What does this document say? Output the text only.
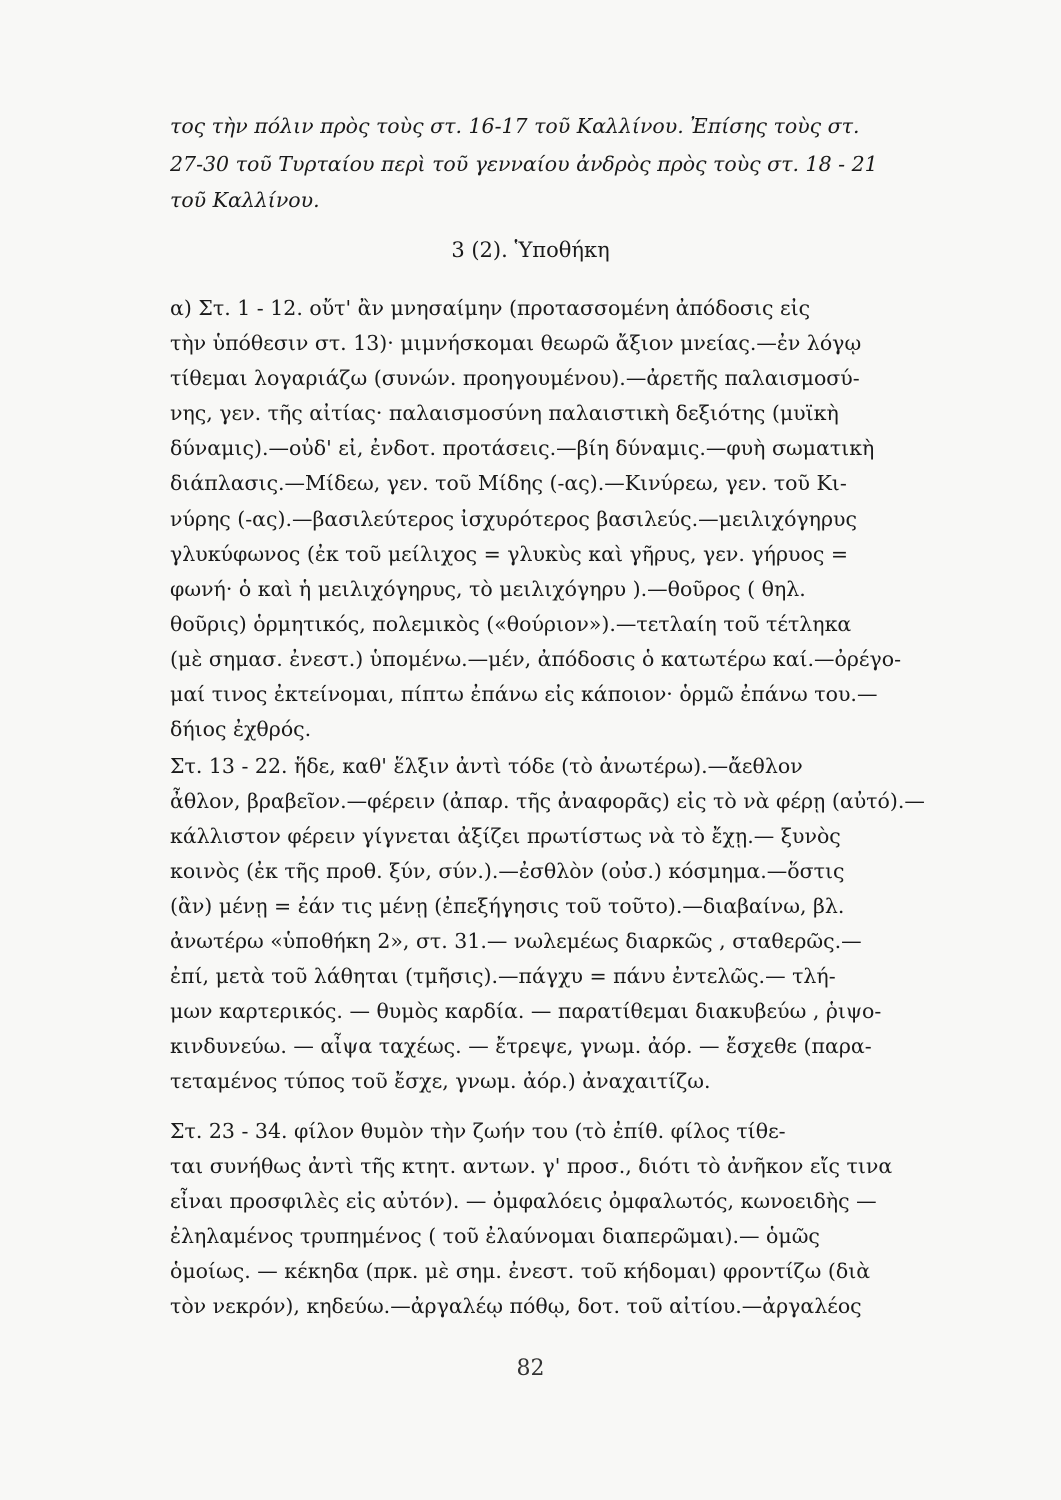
τος τὴν πόλιν πρὸς τοὺς στ. 16-17 τοῦ Καλλίνου. Ἐπίσης τοὺς στ.
27-30 τοῦ Τυρταίου περὶ τοῦ γενναίου ἀνδρὸς πρὸς τοὺς στ. 18 - 21
τοῦ Καλλίνου.
3 (2). Ὑποθήκη
α) Στ. 1 - 12. οὔτ' ἂν μνησαίμην (προτασσομένη ἀπόδοσις εἰς
τὴν ὑπόθεσιν στ. 13)· μιμνήσκομαι θεωρῶ ἄξιον μνείας.—ἐν λόγῳ
τίθεμαι λογαριάζω (συνών. προηγουμένου).—ἀρετῆς παλαισμοσύ-
νης, γεν. τῆς αἰτίας· παλαισμοσύνη παλαιστικὴ δεξιότης (μυϊκὴ
δύναμις).—οὐδ' εἰ, ἐνδοτ. προτάσεις.—βίη δύναμις.—φυὴ σωματικὴ
διάπλασις.—Μίδεω, γεν. τοῦ Μίδης (-ας).—Κινύρεω, γεν. τοῦ Κι-
νύρης (-ας).—βασιλεύτερος ἰσχυρότερος βασιλεύς.—μειλιχόγηρυς
γλυκύφωνος (ἐκ τοῦ μείλιχος = γλυκὺς καὶ γῆρυς, γεν. γήρυος =
φωνή· ὁ καὶ ἡ μειλιχόγηρυς, τὸ μειλιχόγηρυ ).—θοῦρος ( θηλ.
θοῦρις) ὁρμητικός, πολεμικὸς («θούριον»).—τετλαίη τοῦ τέτληκα
(μὲ σημασ. ἐνεστ.) ὑπομένω.—μέν, ἀπόδοσις ὁ κατωτέρω καί.—ὀρέγο-
μαί τινος ἐκτείνομαι, πίπτω ἐπάνω εἰς κάποιον· ὁρμῶ ἐπάνω του.—
δήιος ἐχθρός.
Στ. 13 - 22. ἥδε, καθ' ἕλξιν ἀντὶ τόδε (τὸ ἀνωτέρω).—ἄεθλον
ἆθλον, βραβεῖον.—φέρειν (ἀπαρ. τῆς ἀναφορᾶς) εἰς τὸ νὰ φέρῃ (αὐτό).—
κάλλιστον φέρειν γίγνεται ἀξίζει πρωτίστως νὰ τὸ ἔχῃ.— ξυνὸς
κοινὸς (ἐκ τῆς προθ. ξύν, σύν.).—ἐσθλὸν (οὐσ.) κόσμημα.—ὅστις
(ἂν) μένῃ = ἐάν τις μένῃ (ἐπεξήγησις τοῦ τοῦτο).—διαβαίνω, βλ.
ἀνωτέρω «ὑποθήκη 2», στ. 31.— νωλεμέως διαρκῶς , σταθερῶς.—
ἐπί, μετὰ τοῦ λάθηται (τμῆσις).—πάγχυ = πάνυ ἐντελῶς.— τλή-
μων καρτερικός. — θυμὸς καρδία. — παρατίθεμαι διακυβεύω , ῥιψο-
κινδυνεύω. — αἶψα ταχέως. — ἔτρεψε, γνωμ. ἀόρ. — ἔσχεθε (παρα-
τεταμένος τύπος τοῦ ἔσχε, γνωμ. ἀόρ.) ἀναχαιτίζω.
Στ. 23 - 34. φίλον θυμὸν τὴν ζωήν του (τὸ ἐπίθ. φίλος τίθε-
ται συνήθως ἀντὶ τῆς κτητ. αντων. γ' προσ., διότι τὸ ἀνῆκον εἴς τινα
εἶναι προσφιλὲς εἰς αὐτόν). — ὀμφαλόεις ὀμφαλωτός, κωνοειδὴς —
ἐληλαμένος τρυπημένος ( τοῦ ἐλαύνομαι διαπερῶμαι).— ὁμῶς
ὁμοίως. — κέκηδα (πρκ. μὲ σημ. ἐνεστ. τοῦ κήδομαι) φροντίζω (διὰ
τὸν νεκρόν), κηδεύω.—ἀργαλέῳ πόθῳ, δοτ. τοῦ αἰτίου.—ἀργαλέος
82
